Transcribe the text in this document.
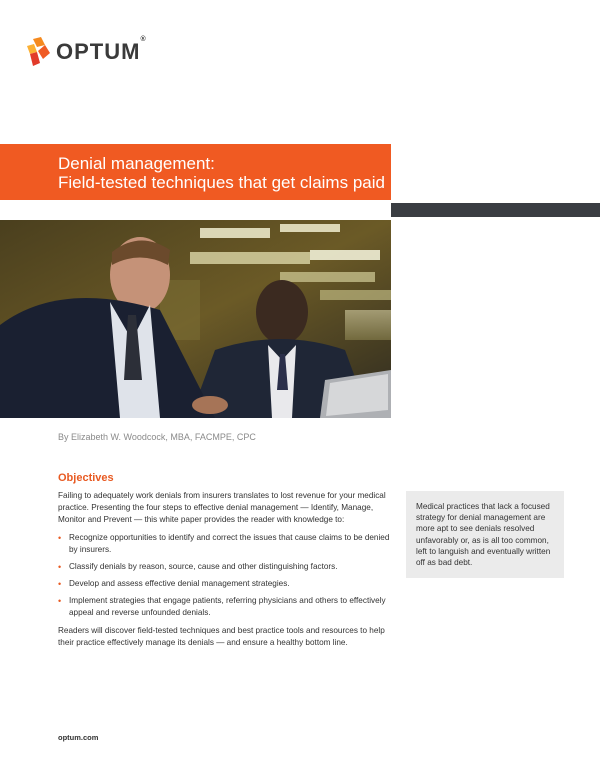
OPTUM®
Denial management:
Field-tested techniques that get claims paid
By Elizabeth W. Woodcock, MBA, FACMPE, CPC
Objectives

Failing to adequately work denials from insurers translates to lost revenue for your medical practice. Presenting the four steps to effective denial management — Identify, Manage, Monitor and Prevent — this white paper provides the reader with knowledge to:

• Recognize opportunities to identify and correct the issues that cause claims to be denied by insurers.
• Classify denials by reason, source, cause and other distinguishing factors.
• Develop and assess effective denial management strategies.
• Implement strategies that engage patients, referring physicians and others to effectively appeal and reverse unfounded denials.

Readers will discover field-tested techniques and best practice tools and resources to help their practice effectively manage its denials — and ensure a healthy bottom line.

Medical practices that lack a focused strategy for denial management are more apt to see denials resolved unfavorably or, as is all too common, left to languish and eventually written off as bad debt.
optum.com
